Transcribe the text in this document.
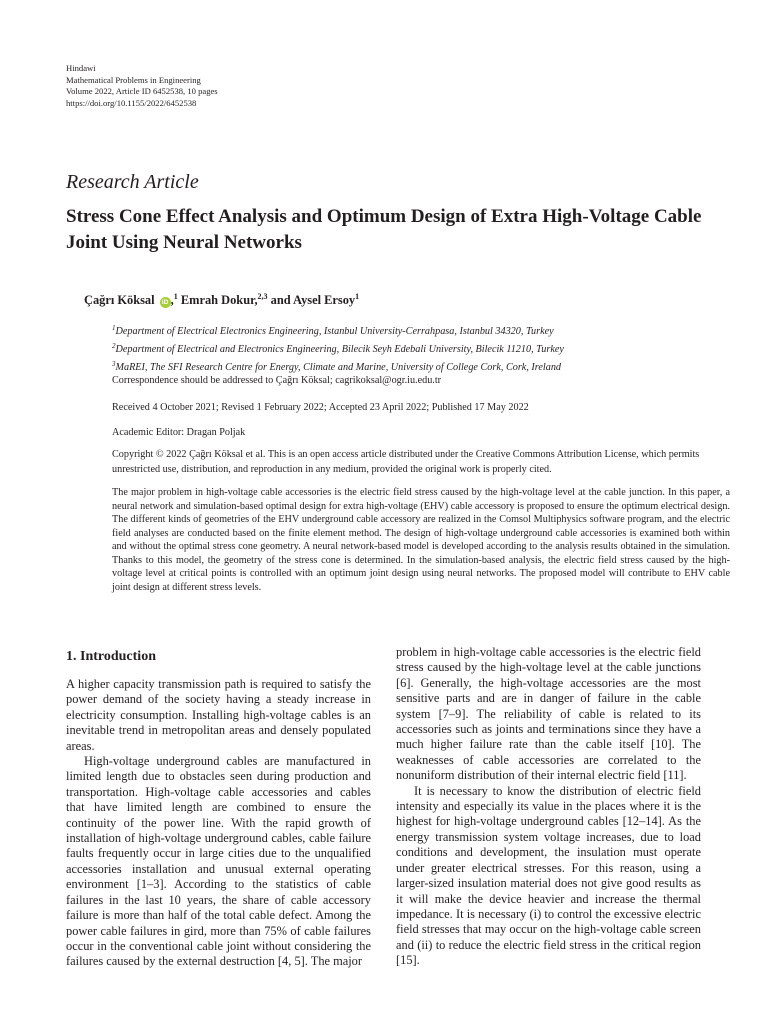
Hindawi
Mathematical Problems in Engineering
Volume 2022, Article ID 6452538, 10 pages
https://doi.org/10.1155/2022/6452538
Research Article
Stress Cone Effect Analysis and Optimum Design of Extra High-Voltage Cable Joint Using Neural Networks
Çağrı Köksal iD ,$^1$ Emrah Dokur,$^{2,3}$ and Aysel Ersoy$^1$
$^1$Department of Electrical Electronics Engineering, Istanbul University-Cerrahpasa, Istanbul 34320, Turkey
$^2$Department of Electrical and Electronics Engineering, Bilecik Seyh Edebali University, Bilecik 11210, Turkey
$^3$MaREI, The SFI Research Centre for Energy, Climate and Marine, University of College Cork, Cork, Ireland
Correspondence should be addressed to Çağrı Köksal; cagrikoksal@ogr.iu.edu.tr
Received 4 October 2021; Revised 1 February 2022; Accepted 23 April 2022; Published 17 May 2022
Academic Editor: Dragan Poljak
Copyright © 2022 Çağrı Köksal et al. This is an open access article distributed under the Creative Commons Attribution License, which permits unrestricted use, distribution, and reproduction in any medium, provided the original work is properly cited.
The major problem in high-voltage cable accessories is the electric field stress caused by the high-voltage level at the cable junction. In this paper, a neural network and simulation-based optimal design for extra high-voltage (EHV) cable accessory is proposed to ensure the optimum electrical design. The different kinds of geometries of the EHV underground cable accessory are realized in the Comsol Multiphysics software program, and the electric field analyses are conducted based on the finite element method. The design of high-voltage underground cable accessories is examined both within and without the optimal stress cone geometry. A neural network-based model is developed according to the analysis results obtained in the simulation. Thanks to this model, the geometry of the stress cone is determined. In the simulation-based analysis, the electric field stress caused by the high-voltage level at critical points is controlled with an optimum joint design using neural networks. The proposed model will contribute to EHV cable joint design at different stress levels.
1. Introduction

A higher capacity transmission path is required to satisfy the power demand of the society having a steady increase in electricity consumption. Installing high-voltage cables is an inevitable trend in metropolitan areas and densely populated areas.

High-voltage underground cables are manufactured in limited length due to obstacles seen during production and transportation. High-voltage cable accessories and cables that have limited length are combined to ensure the continuity of the power line. With the rapid growth of installation of high-voltage underground cables, cable failure faults frequently occur in large cities due to the unqualified accessories installation and unusual external operating environment [1–3]. According to the statistics of cable failures in the last 10 years, the share of cable accessory failure is more than half of the total cable defect. Among the power cable failures in gird, more than 75% of cable failures occur in the conventional cable joint without considering the failures caused by the external destruction [4, 5]. The major

problem in high-voltage cable accessories is the electric field stress caused by the high-voltage level at the cable junctions [6]. Generally, the high-voltage accessories are the most sensitive parts and are in danger of failure in the cable system [7–9]. The reliability of cable is related to its accessories such as joints and terminations since they have a much higher failure rate than the cable itself [10]. The weaknesses of cable accessories are correlated to the nonuniform distribution of their internal electric field [11].

It is necessary to know the distribution of electric field intensity and especially its value in the places where it is the highest for high-voltage underground cables [12–14]. As the energy transmission system voltage increases, due to load conditions and development, the insulation must operate under greater electrical stresses. For this reason, using a larger-sized insulation material does not give good results as it will make the device heavier and increase the thermal impedance. It is necessary (i) to control the excessive electric field stresses that may occur on the high-voltage cable screen and (ii) to reduce the electric field stress in the critical region [15].
